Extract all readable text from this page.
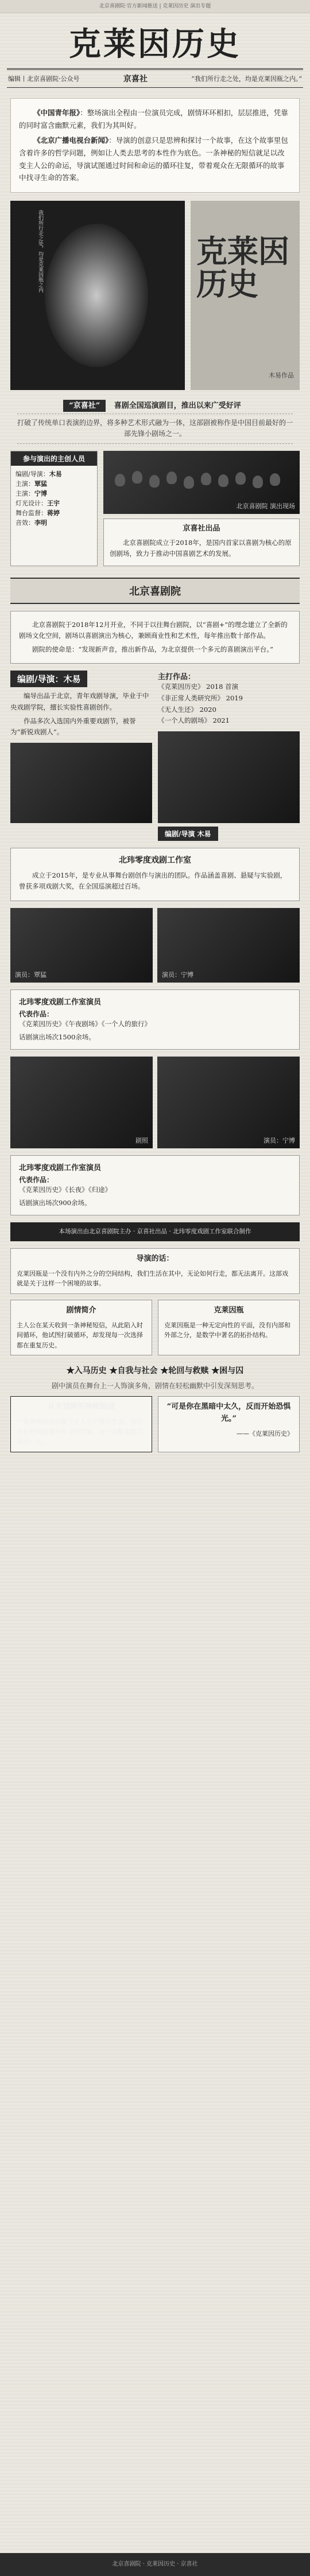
北京喜剧院·官方新闻推送 | 克莱因历史 演出专题
克莱因历史
编辑丨北京喜剧院·公众号	京喜社	“我们所行走之处，均是克莱因瓶之内。”

《中国青年报》：整场演出全程由一位演员完成，剧情环环相扣，层层推进，凭靠的同时富含幽默元素，我们为其叫好。

《北京广播电视台新闻》：导演的创意只是思辨和探讨一个故事，在这个故事里包含着许多的哲学问题，例如让人类去思考的本性作为底色。一条神秘的短信就足以改变主人公的命运，导演试图通过时间和命运的循环往复，带着观众在无限循环的故事中找寻生命的答案。

我们所行走之处，均是克莱因瓶之内	克莱因历史
木易作品
“京喜社” 喜剧全国巡演剧目，推出以来广受好评
打破了传统单口表演的边界，将多种艺术形式融为一体，这部剧被称作是中国目前最好的一部先锋小剧场之一。
参与演出的主创人员
编剧/导演：木易
主演：覃猛
主演：宁博
灯光设计：王宇
舞台监督：蒋婷
音效：李明
北京喜剧院 演出现场
京喜社出品

北京喜剧院成立于2018年，是国内首家以喜剧为核心的原创剧场，致力于推动中国喜剧艺术的发展。

北京喜剧院

北京喜剧院于2018年12月开业，不同于以往舞台剧院，以“喜剧+”的理念建立了全新的剧场文化空间，剧场以喜剧演出为核心，兼顾商业性和艺术性，每年推出数十部作品。

剧院的使命是：“发现新声音，推出新作品，为北京提供一个多元的喜剧演出平台。”

编剧/导演：木易

编导出品于北京，青年戏剧导演，毕业于中央戏剧学院，擅长实验性喜剧创作。

作品多次入选国内外重要戏剧节，被誉为“新锐戏剧人”。

主打作品：
《克莱因历史》 2018 首演
《非正常人类研究所》 2019
《无人生还》 2020
《一个人的剧场》 2021
编剧/导演 木易
北玮零度戏剧工作室

成立于2015年，是专业从事舞台剧创作与演出的团队。作品涵盖喜剧、悬疑与实验剧，曾获多项戏剧大奖，在全国巡演超过百场。

演员：覃猛	演员：宁博
北玮零度戏剧工作室演员
代表作品：
《克莱因历史》《午夜剧场》《一个人的旅行》
话剧演出场次1500余场。
剧照	演员：宁博
北玮零度戏剧工作室演员
代表作品：
《克莱因历史》《长夜》《归途》
话剧演出场次900余场。
本场演出由北京喜剧院主办 · 京喜社出品 · 北玮零度戏剧工作室联合制作
导演的话：
克莱因瓶是一个没有内外之分的空间结构，我们生活在其中，无论如何行走，都无法离开。这部戏就是关于这样一个困境的故事。
剧情简介
主人公在某天收到一条神秘短信，从此陷入时间循环，他试图打破循环，却发现每一次选择都在重复历史。
克莱因瓶
克莱因瓶是一种无定向性的平面，没有内部和外部之分，是数学中著名的拓扑结构。
★入马历史 ★自我与社会 ★轮回与救赎 ★困与囚
剧中演员在舞台上一人饰演多角，剧情在轻松幽默中引发深刻思考。
从灭顶降的神秘短信
一条神秘短信打破了主人公平静的生活，他开始在时间的循环中寻找答案，每一次醒来都回到同一天。
“可是你在黑暗中太久，反而开始恐惧光。”
——《克莱因历史》
北京喜剧院 · 克莱因历史 · 京喜社
